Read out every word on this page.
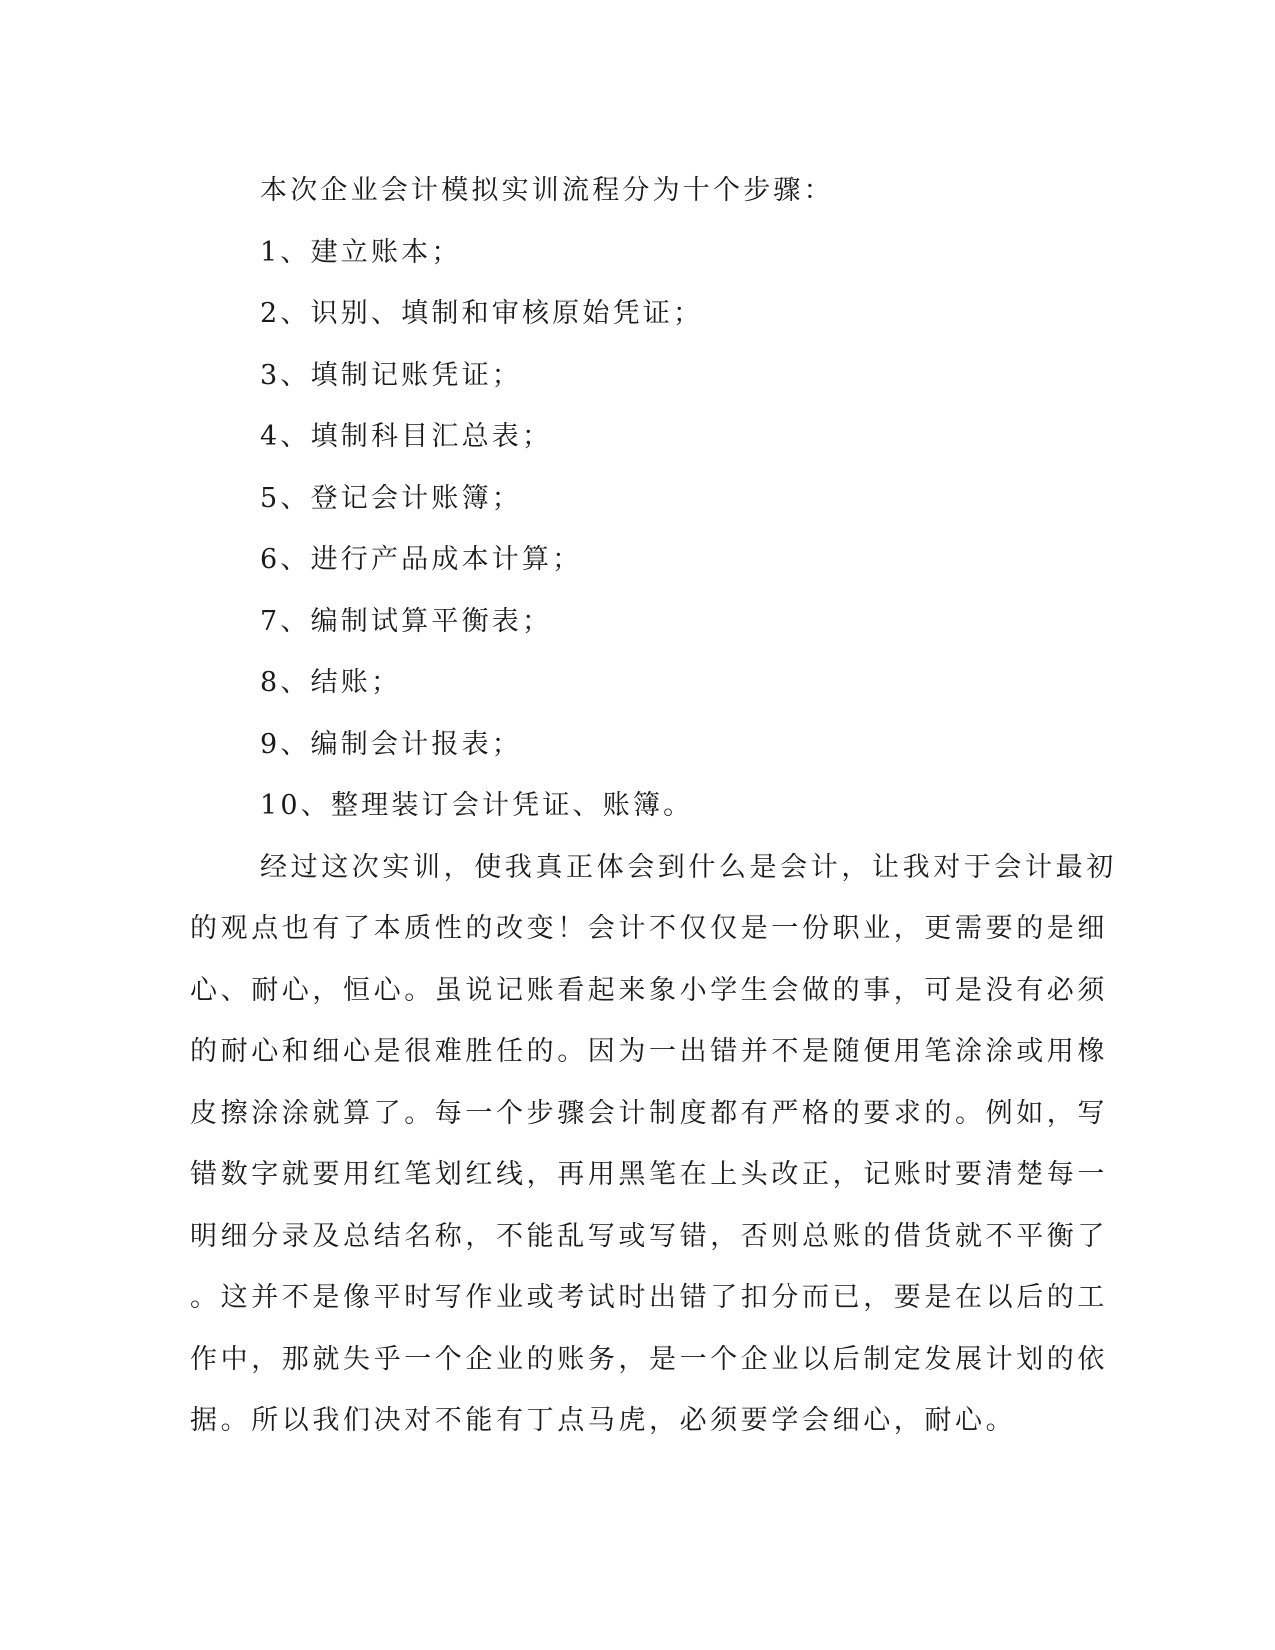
本次企业会计模拟实训流程分为十个步骤：
1、建立账本；
2、识别、填制和审核原始凭证；
3、填制记账凭证；
4、填制科目汇总表；
5、登记会计账簿；
6、进行产品成本计算；
7、编制试算平衡表；
8、结账；
9、编制会计报表；
10、整理装订会计凭证、账簿。
经过这次实训，使我真正体会到什么是会计，让我对于会计最初
的观点也有了本质性的改变！会计不仅仅是一份职业，更需要的是细
心、耐心，恒心。虽说记账看起来象小学生会做的事，可是没有必须
的耐心和细心是很难胜任的。因为一出错并不是随便用笔涂涂或用橡
皮擦涂涂就算了。每一个步骤会计制度都有严格的要求的。例如，写
错数字就要用红笔划红线，再用黑笔在上头改正，记账时要清楚每一
明细分录及总结名称，不能乱写或写错，否则总账的借货就不平衡了
。这并不是像平时写作业或考试时出错了扣分而已，要是在以后的工
作中，那就失乎一个企业的账务，是一个企业以后制定发展计划的依
据。所以我们决对不能有丁点马虎，必须要学会细心，耐心。
